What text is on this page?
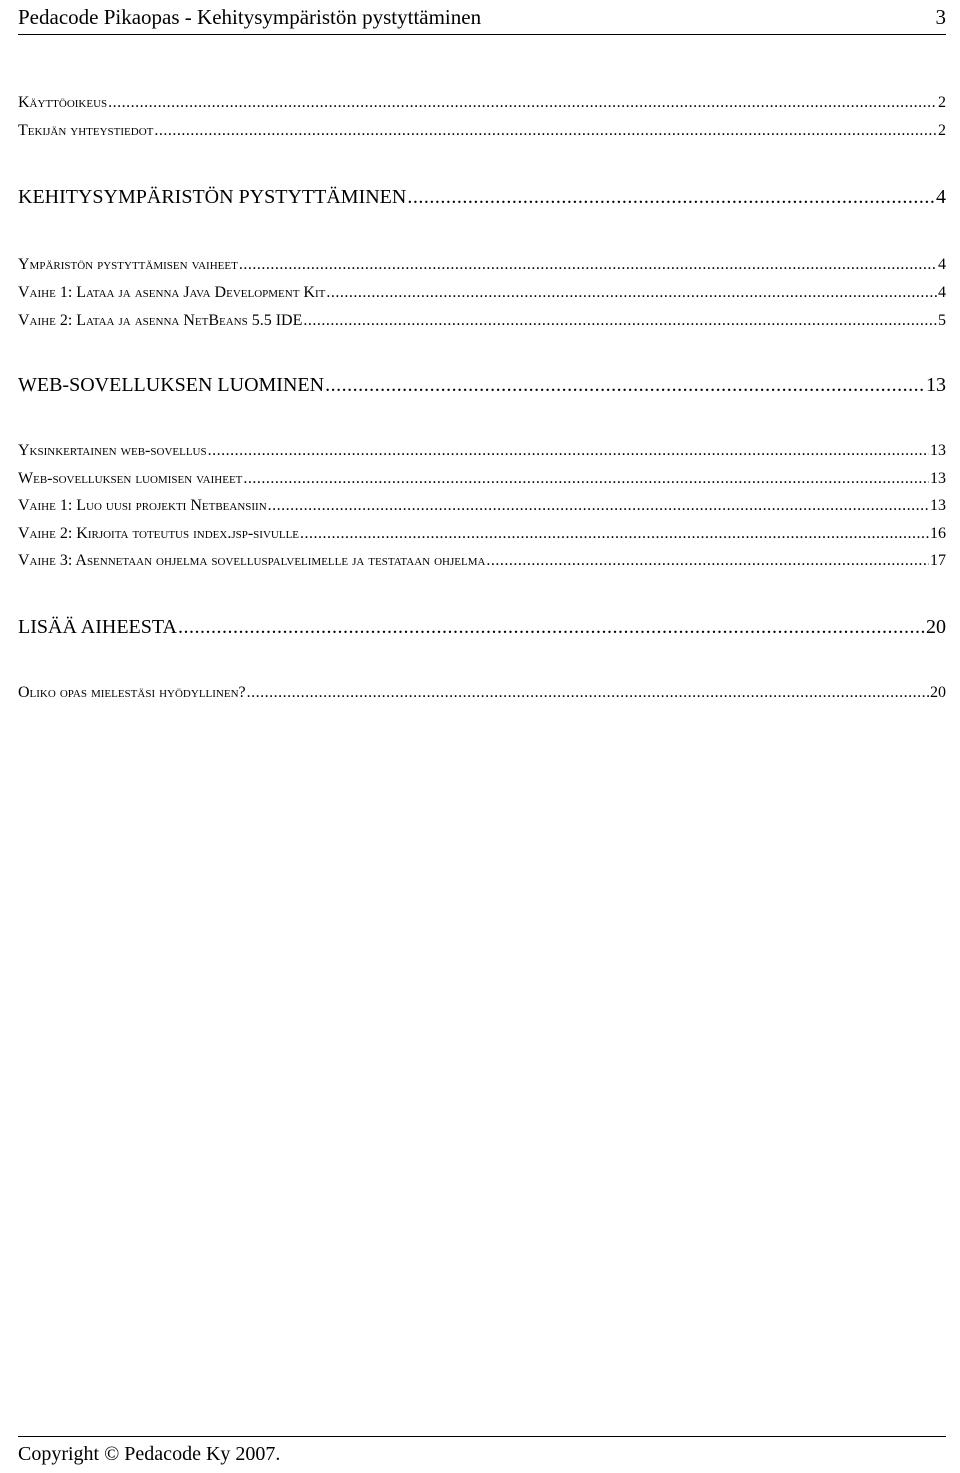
Pedacode Pikaopas - Kehitysympäristön pystyttäminen	3
Käyttöoikeus .....	2
Tekijän yhteystiedot .....	2
KEHITYSYMPÄRISTÖN PYSTYTTÄMINEN .....	4
Ympäristön pystyttämisen vaiheet .....	4
Vaihe 1: Lataa ja asenna Java Development Kit .....	4
Vaihe 2: Lataa ja asenna NetBeans 5.5 IDE .....	5
WEB-SOVELLUKSEN LUOMINEN .....	13
Yksinkertainen web-sovellus .....	13
Web-sovelluksen luomisen vaiheet .....	13
Vaihe 1: Luo uusi projekti Netbeansiin .....	13
Vaihe 2: Kirjoita toteutus index.jsp-sivulle .....	16
Vaihe 3: Asennetaan ohjelma sovelluspalvelimelle ja testataan ohjelma .....	17
LISÄÄ AIHEESTA .....	20
Oliko opas mielestäsi hyödyllinen? .....	20
Copyright © Pedacode Ky 2007.
